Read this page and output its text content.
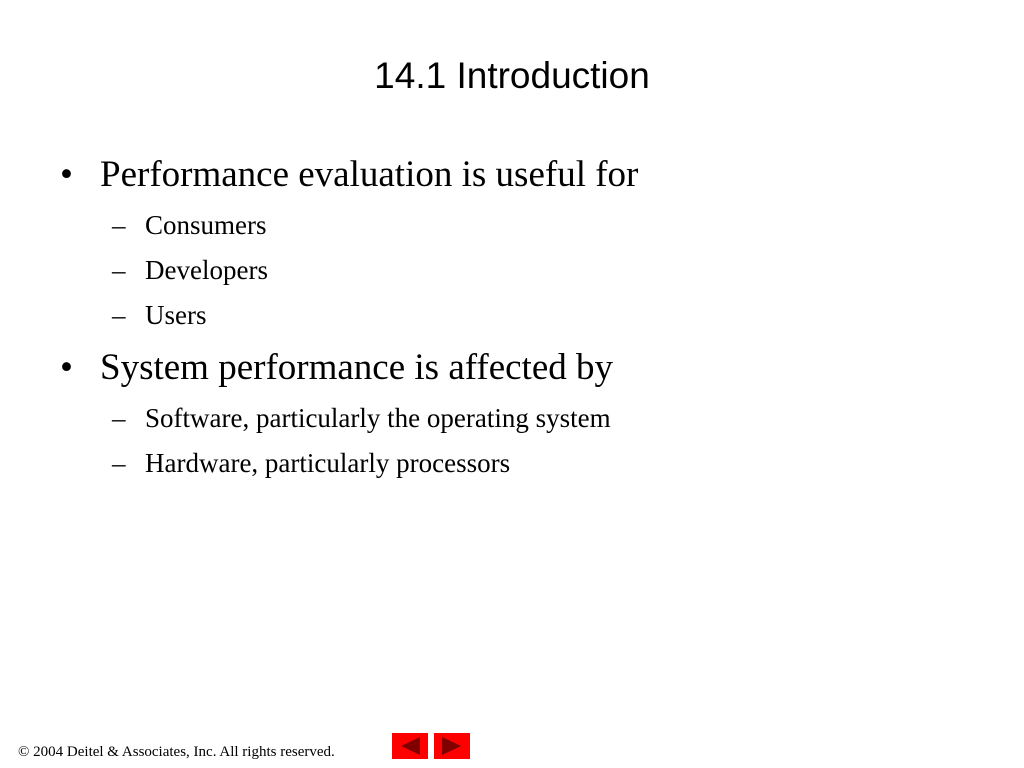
14.1 Introduction
• Performance evaluation is useful for
– Consumers
– Developers
– Users
• System performance is affected by
– Software, particularly the operating system
– Hardware, particularly processors
© 2004 Deitel & Associates, Inc. All rights reserved.
